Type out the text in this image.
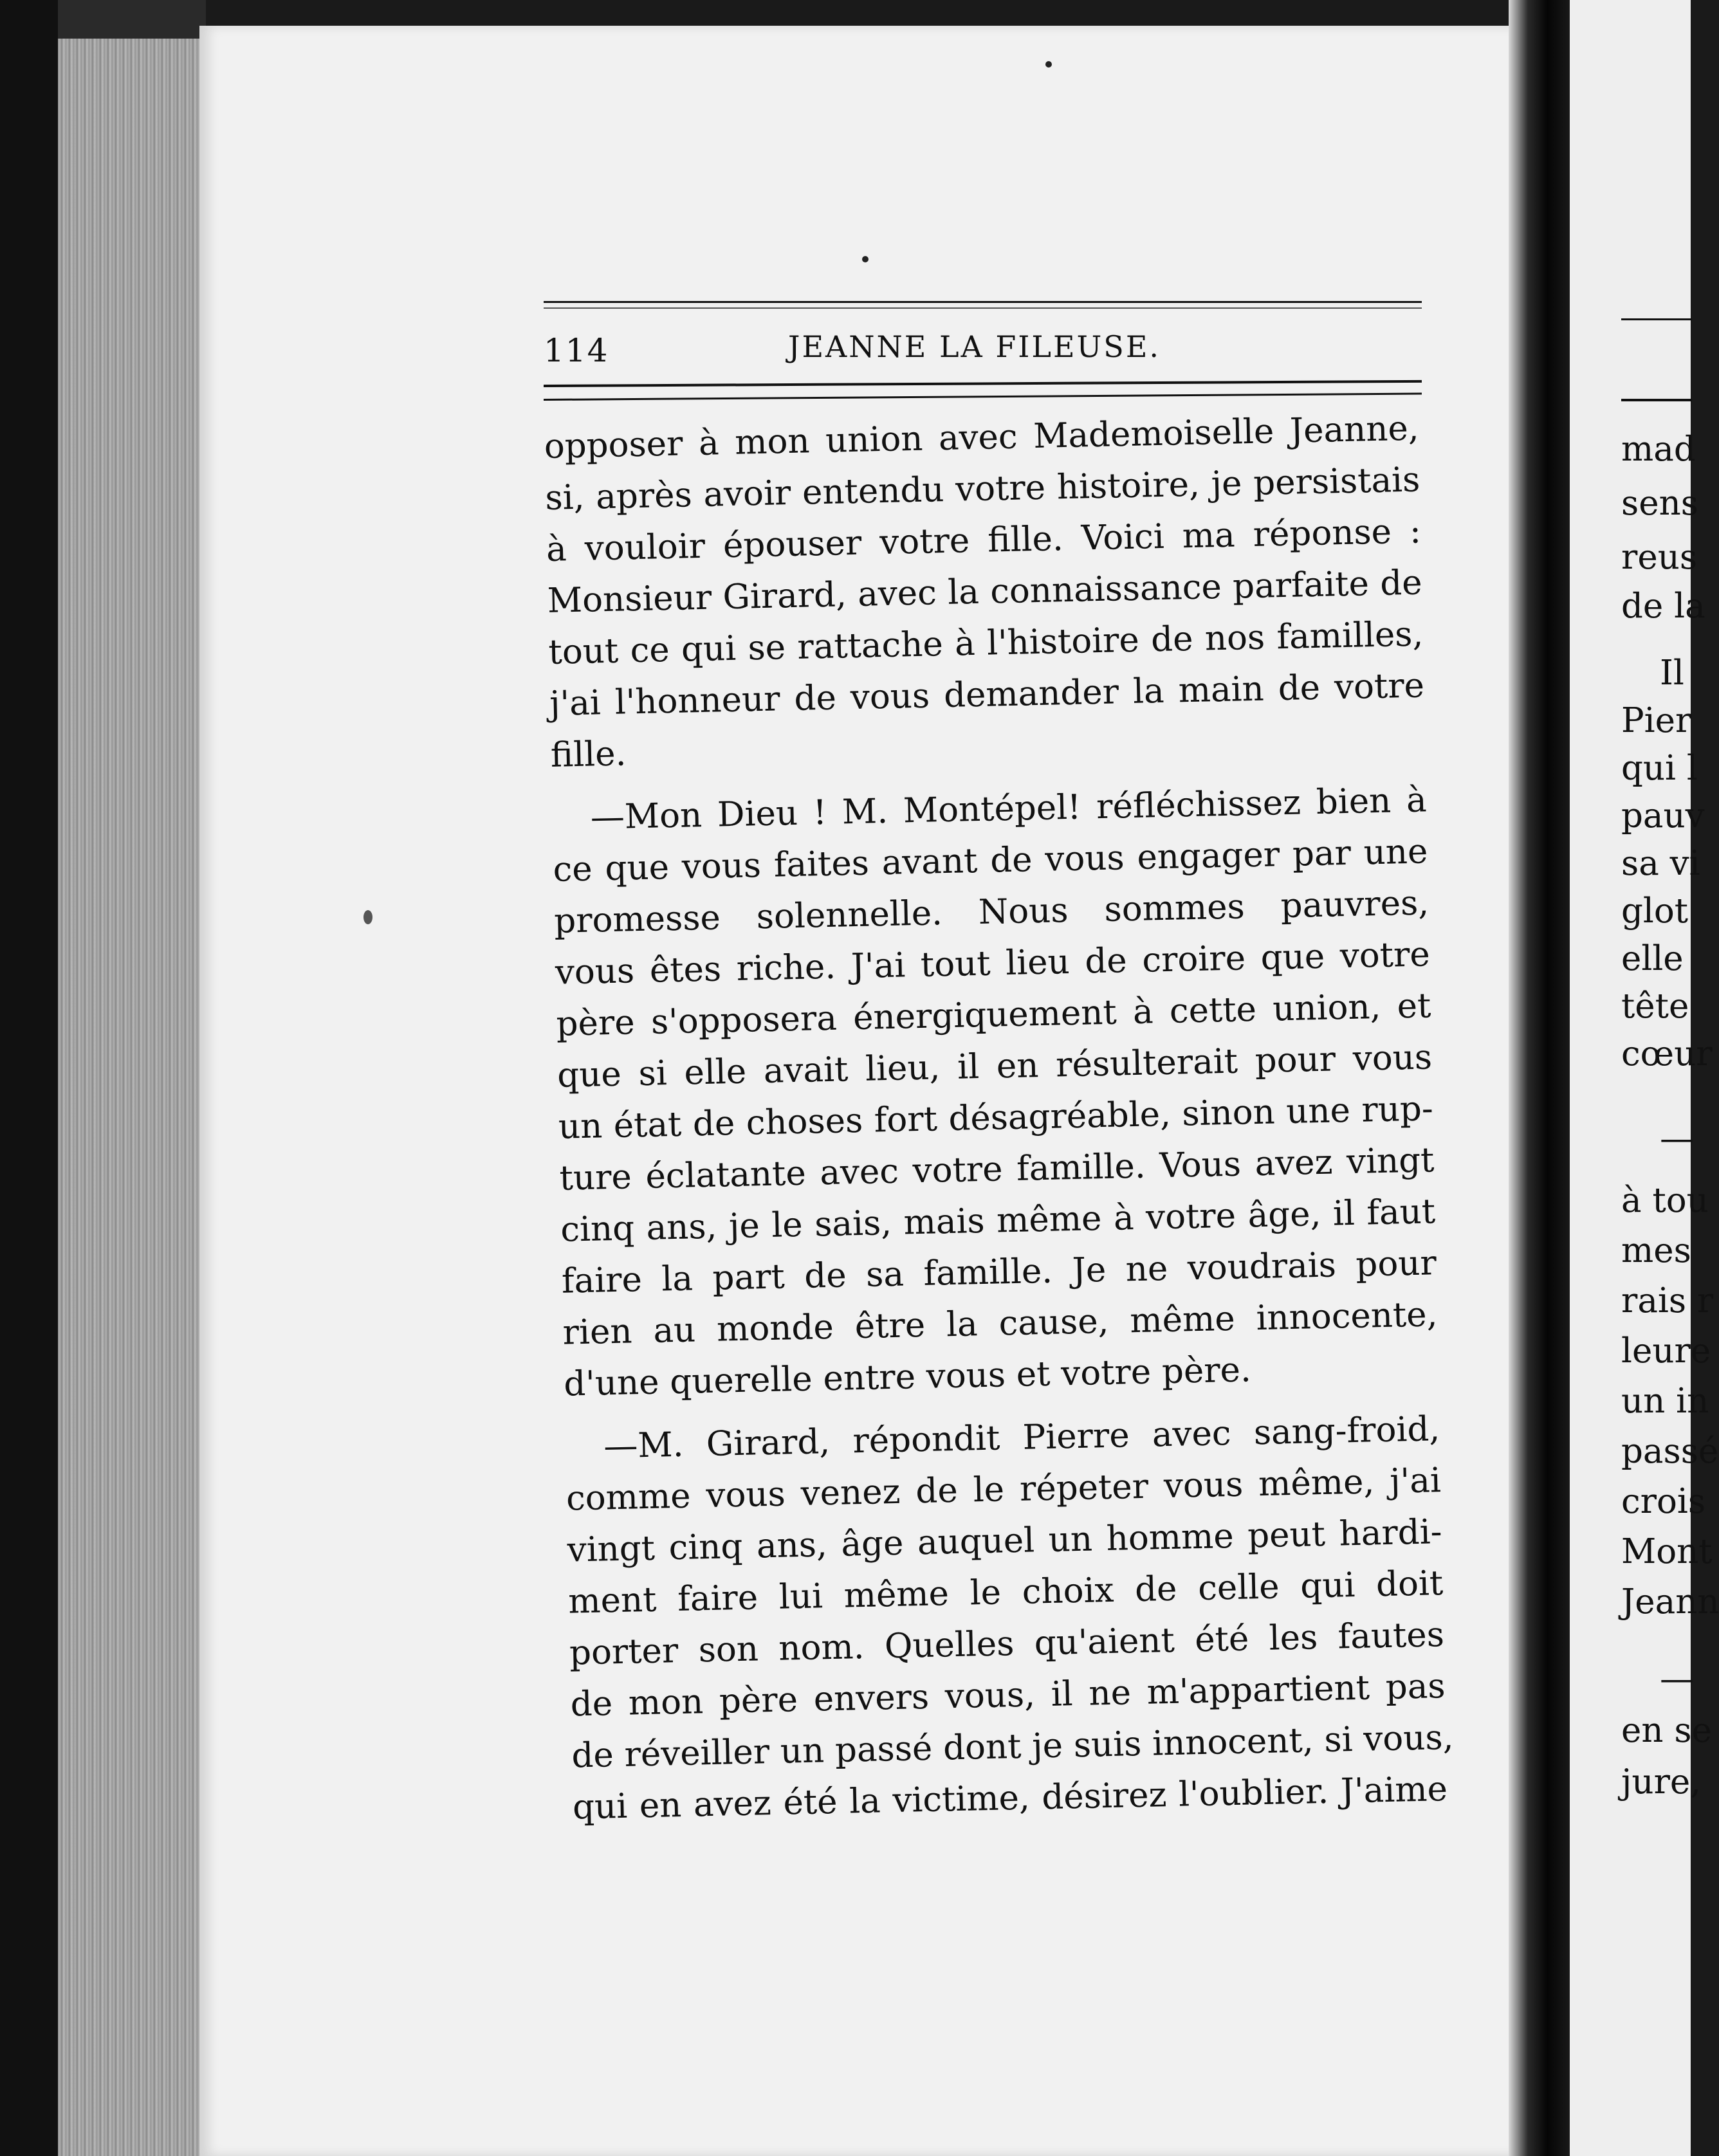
114	JEANNE LA FILEUSE.
opposer à mon union avec Mademoiselle Jeanne,
si, après avoir entendu votre histoire, je persistais
à vouloir épouser votre fille. Voici ma réponse :
Monsieur Girard, avec la connaissance parfaite de
tout ce qui se rattache à l'histoire de nos familles,
j'ai l'honneur de vous demander la main de votre
fille.
—Mon Dieu ! M. Montépel! réfléchissez bien à
ce que vous faites avant de vous engager par une
promesse solennelle. Nous sommes pauvres,
vous êtes riche. J'ai tout lieu de croire que votre
père s'opposera énergiquement à cette union, et
que si elle avait lieu, il en résulterait pour vous
un état de choses fort désagréable, sinon une rup-
ture éclatante avec votre famille. Vous avez vingt
cinq ans, je le sais, mais même à votre âge, il faut
faire la part de sa famille. Je ne voudrais pour
rien au monde être la cause, même innocente,
d'une querelle entre vous et votre père.
—M. Girard, répondit Pierre avec sang-froid,
comme vous venez de le répeter vous même, j'ai
vingt cinq ans, âge auquel un homme peut hardi-
ment faire lui même le choix de celle qui doit
porter son nom. Quelles qu'aient été les fautes
de mon père envers vous, il ne m'appartient pas
de réveiller un passé dont je suis innocent, si vous,
qui en avez été la victime, désirez l'oublier. J'aime
mad
sens
reus
de la
Il
Pier
qui l
pauv
sa vi
glot
elle
tête
cœur
—
à tou
mes
rais r
leure
un in
passé
crois
Mont
Jeann
—
en se
jure,
